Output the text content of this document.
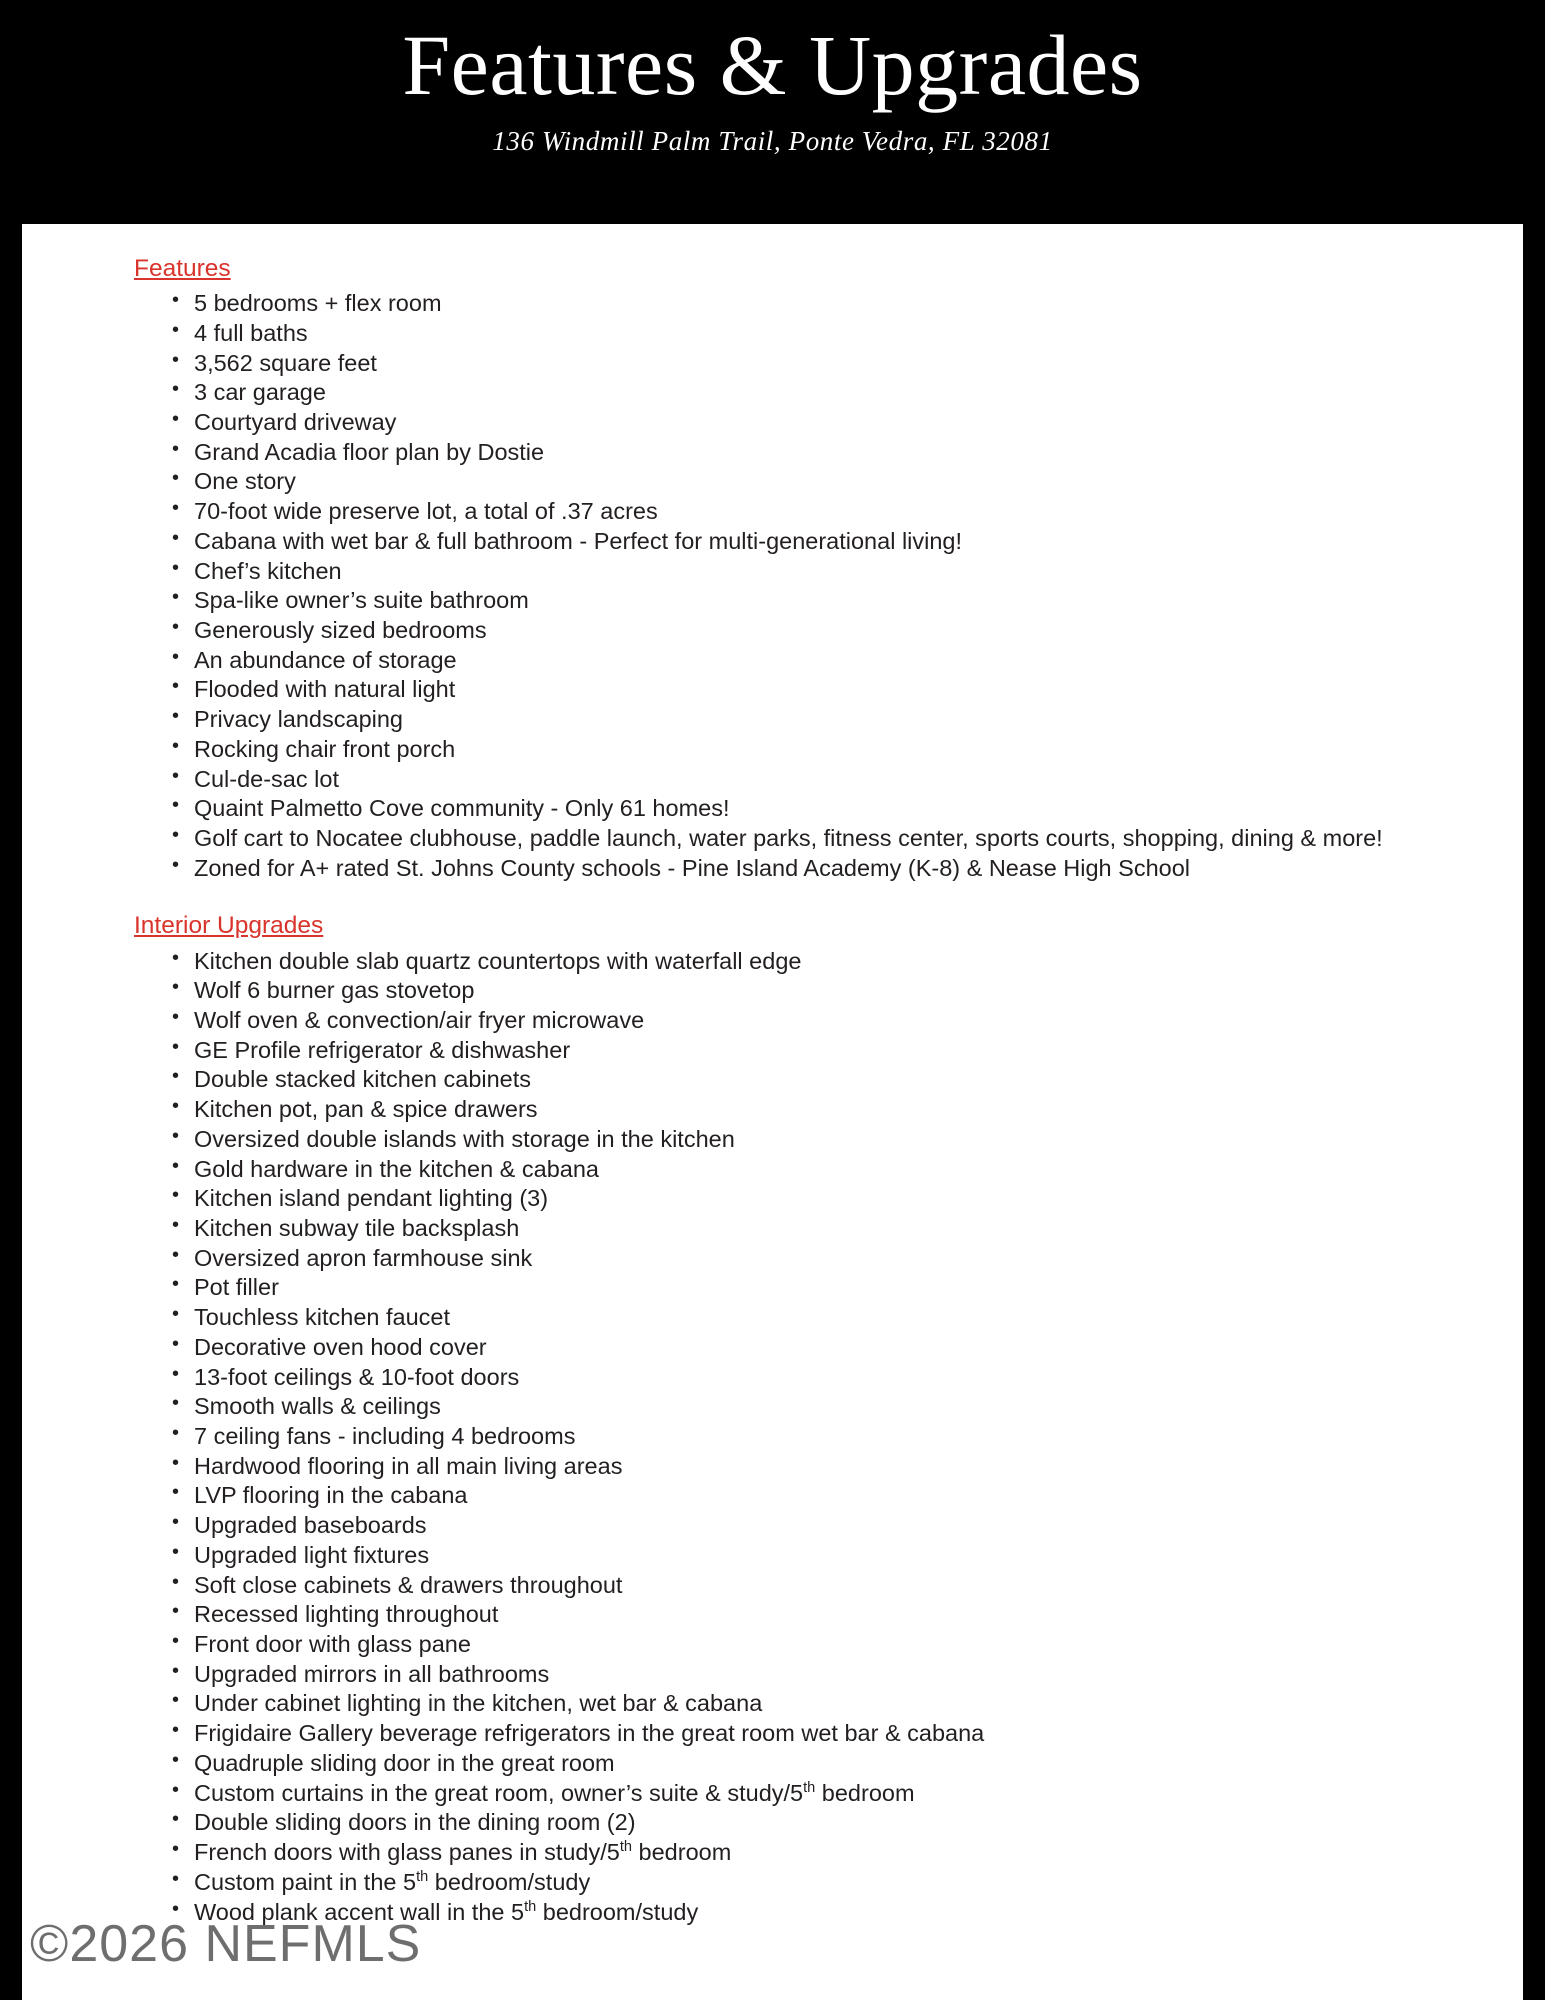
Features & Upgrades

136 Windmill Palm Trail, Ponte Vedra, FL 32081

Features
• 5 bedrooms + flex room
• 4 full baths
• 3,562 square feet
• 3 car garage
• Courtyard driveway
• Grand Acadia floor plan by Dostie
• One story
• 70-foot wide preserve lot, a total of .37 acres
• Cabana with wet bar & full bathroom - Perfect for multi-generational living!
• Chef’s kitchen
• Spa-like owner’s suite bathroom
• Generously sized bedrooms
• An abundance of storage
• Flooded with natural light
• Privacy landscaping
• Rocking chair front porch
• Cul-de-sac lot
• Quaint Palmetto Cove community - Only 61 homes!
• Golf cart to Nocatee clubhouse, paddle launch, water parks, fitness center, sports courts, shopping, dining & more!
• Zoned for A+ rated St. Johns County schools - Pine Island Academy (K-8) & Nease High School
Interior Upgrades
• Kitchen double slab quartz countertops with waterfall edge
• Wolf 6 burner gas stovetop
• Wolf oven & convection/air fryer microwave
• GE Profile refrigerator & dishwasher
• Double stacked kitchen cabinets
• Kitchen pot, pan & spice drawers
• Oversized double islands with storage in the kitchen
• Gold hardware in the kitchen & cabana
• Kitchen island pendant lighting (3)
• Kitchen subway tile backsplash
• Oversized apron farmhouse sink
• Pot filler
• Touchless kitchen faucet
• Decorative oven hood cover
• 13-foot ceilings & 10-foot doors
• Smooth walls & ceilings
• 7 ceiling fans - including 4 bedrooms
• Hardwood flooring in all main living areas
• LVP flooring in the cabana
• Upgraded baseboards
• Upgraded light fixtures
• Soft close cabinets & drawers throughout
• Recessed lighting throughout
• Front door with glass pane
• Upgraded mirrors in all bathrooms
• Under cabinet lighting in the kitchen, wet bar & cabana
• Frigidaire Gallery beverage refrigerators in the great room wet bar & cabana
• Quadruple sliding door in the great room
• Custom curtains in the great room, owner’s suite & study/5th bedroom
• Double sliding doors in the dining room (2)
• French doors with glass panes in study/5th bedroom
• Custom paint in the 5th bedroom/study
• Wood plank accent wall in the 5th bedroom/study
©2026 NEFMLS
